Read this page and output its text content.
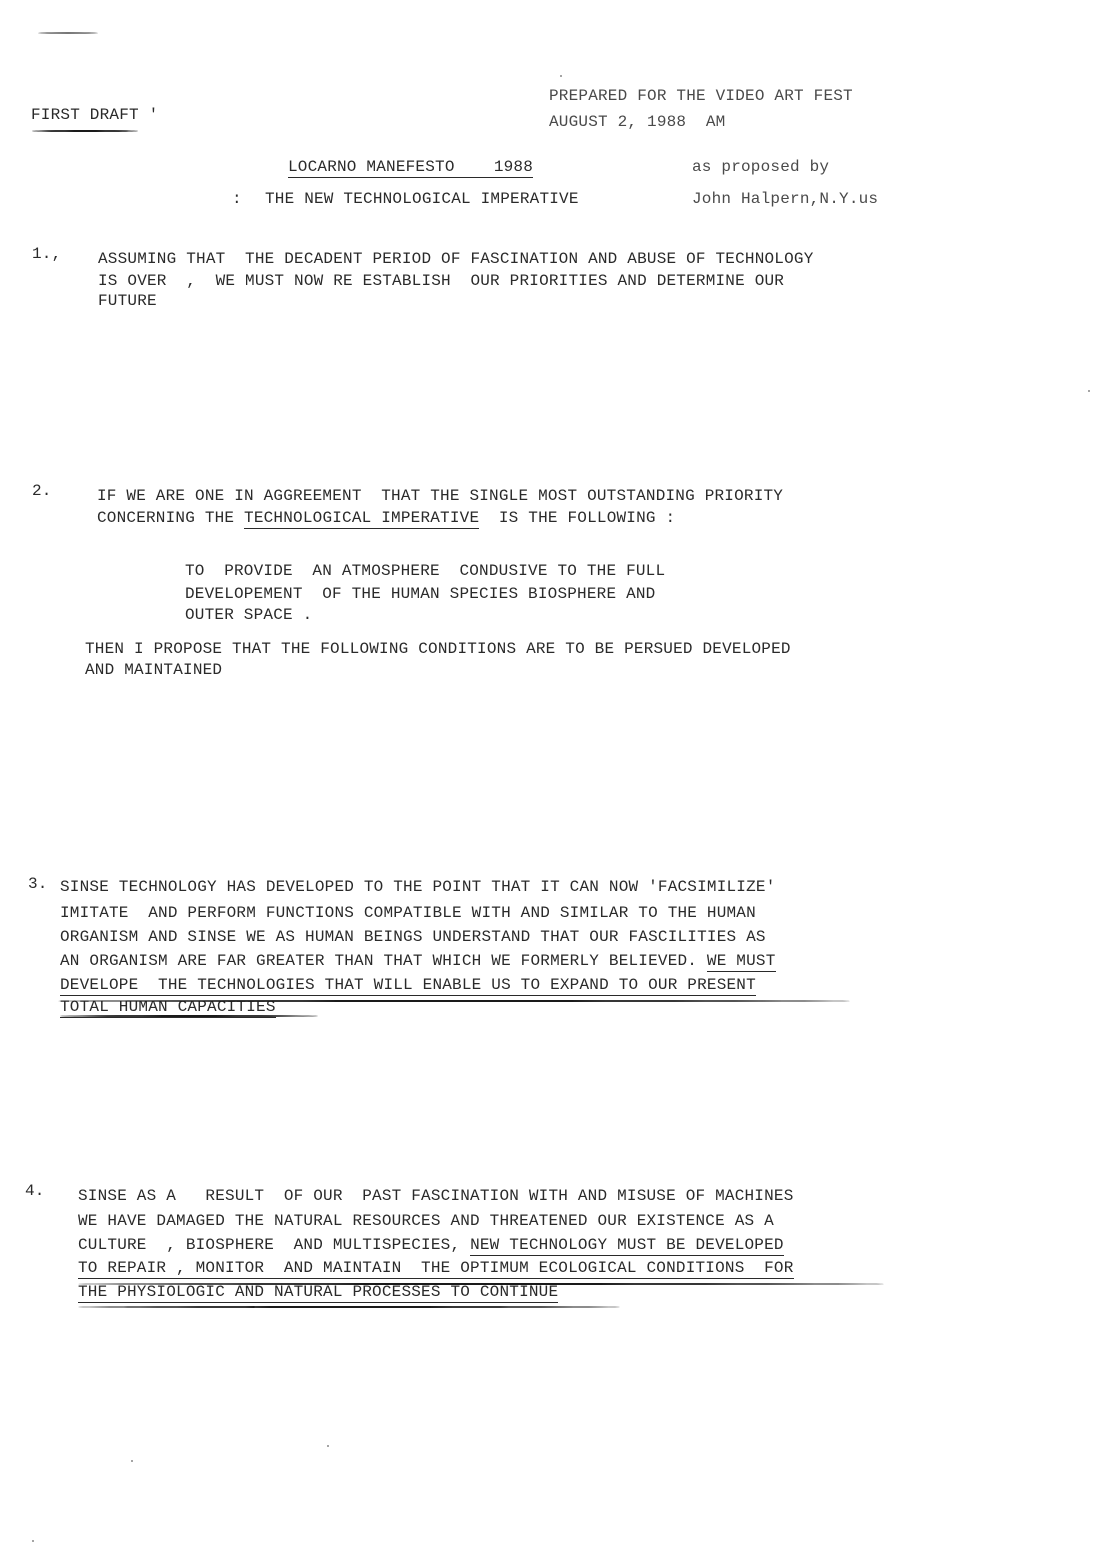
FIRST DRAFT '
PREPARED FOR THE VIDEO ART FEST
AUGUST 2, 1988  AM
LOCARNO MANEFESTO    1988
: THE NEW TECHNOLOGICAL IMPERATIVE
as proposed by
John Halpern,N.Y.us
1., ASSUMING THAT  THE DECADENT PERIOD OF FASCINATION AND ABUSE OF TECHNOLOGY
IS OVER  ,  WE MUST NOW RE ESTABLISH  OUR PRIORITIES AND DETERMINE OUR
FUTURE
2.	IF WE ARE ONE IN AGGREEMENT  THAT THE SINGLE MOST OUTSTANDING PRIORITY
CONCERNING THE TECHNOLOGICAL IMPERATIVE  IS THE FOLLOWING :
TO  PROVIDE  AN ATMOSPHERE  CONDUSIVE TO THE FULL
DEVELOPEMENT  OF THE HUMAN SPECIES BIOSPHERE AND
OUTER SPACE .
THEN I PROPOSE THAT THE FOLLOWING CONDITIONS ARE TO BE PERSUED DEVELOPED
AND MAINTAINED
3. SINSE TECHNOLOGY HAS DEVELOPED TO THE POINT THAT IT CAN NOW 'FACSIMILIZE'
IMITATE  AND PERFORM FUNCTIONS COMPATIBLE WITH AND SIMILAR TO THE HUMAN
ORGANISM AND SINSE WE AS HUMAN BEINGS UNDERSTAND THAT OUR FASCILITIES AS
AN ORGANISM ARE FAR GREATER THAN THAT WHICH WE FORMERLY BELIEVED. WE MUST
DEVELOPE  THE TECHNOLOGIES THAT WILL ENABLE US TO EXPAND TO OUR PRESENT
TOTAL HUMAN CAPACITIES
4. SINSE AS A   RESULT  OF OUR  PAST FASCINATION WITH AND MISUSE OF MACHINES
WE HAVE DAMAGED THE NATURAL RESOURCES AND THREATENED OUR EXISTENCE AS A
CULTURE  , BIOSPHERE  AND MULTISPECIES, NEW TECHNOLOGY MUST BE DEVELOPED
TO REPAIR , MONITOR  AND MAINTAIN  THE OPTIMUM ECOLOGICAL CONDITIONS  FOR
THE PHYSIOLOGIC AND NATURAL PROCESSES TO CONTINUE
